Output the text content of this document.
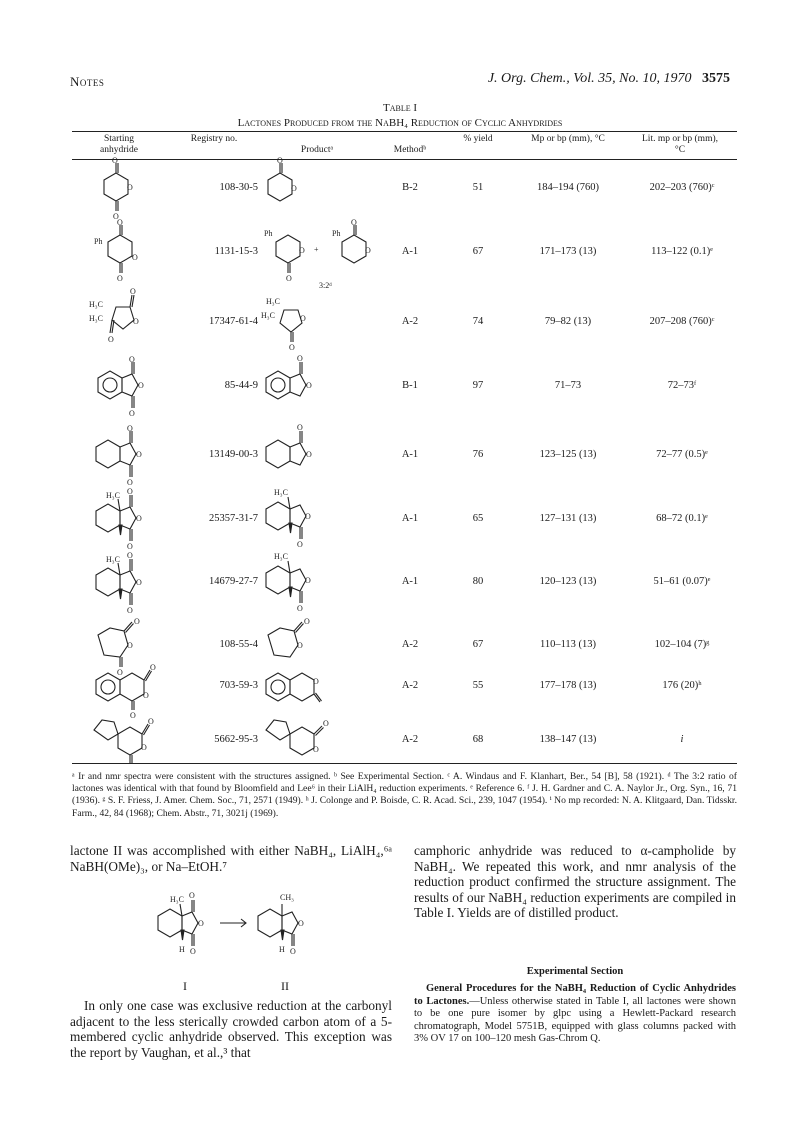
Notes	J. Org. Chem., Vol. 35, No. 10, 1970 3575
Table I
Lactones Produced from the NaBH₄ Reduction of Cyclic Anhydrides
Starting anhydride
Registry no.
Productᵃ	Methodᵇ
% yield	Mp or bp (mm), °C	Lit. mp or bp (mm), °C
108-30-5	B-2	51	184–194 (760)	202–203 (760)ᶜ
1131-15-3	A-1	67	171–173 (13)	113–122 (0.1)ᵉ
17347-61-4	A-2	74	79–82 (13)	207–208 (760)ᶜ
85-44-9	B-1	97	71–73	72–73ᶠ
13149-00-3	A-1	76	123–125 (13)	72–77 (0.5)ᵉ
25357-31-7	A-1	65	127–131 (13)	68–72 (0.1)ᵉ
14679-27-7	A-1	80	120–123 (13)	51–61 (0.07)ᵉ
108-55-4	A-2	67	110–113 (13)	102–104 (7)ᵍ
703-59-3	A-2	55	177–178 (13)	176 (20)ʰ
5662-95-3	A-2	68	138–147 (13)	i
O
O
O
O
O
Ph
O
O
O
Ph
O
O
+
Ph
O
O
3:2ᵈ
H₃C
H₃C
O
O
O
H₃C
H₃C	O
O
O
O
O
O
O
O
O
O
O
O
H₃C O
O
O
H₃C
O
O
H₃C O
O
O
H₃C
O
O
O
O
O
O
O
O
O
O
O
O
O
O
O
ᵃ Ir and nmr spectra were consistent with the structures assigned. ᵇ See Experimental Section. ᶜ A. Windaus and F. Klanhart, Ber., 54 [B], 58 (1921). ᵈ The 3:2 ratio of lactones was identical with that found by Bloomfield and Lee⁶ in their LiAlH₄ reduction experiments. ᵉ Reference 6. ᶠ J. H. Gardner and C. A. Naylor Jr., Org. Syn., 16, 71 (1936). ᵍ S. F. Friess, J. Amer. Chem. Soc., 71, 2571 (1949). ʰ J. Colonge and P. Boisde, C. R. Acad. Sci., 239, 1047 (1954). ⁱ No mp recorded: N. A. Klitgaard, Dan. Tidsskr. Farm., 42, 84 (1968); Chem. Abstr., 71, 3021j (1969).
lactone II was accomplished with either NaBH₄, LiAlH₄,⁶ᵃ NaBH(OMe)₃, or Na–EtOH.⁷
H₃C O
O
H O
CH₃
O
H O
I	II
In only one case was exclusive reduction at the carbonyl adjacent to the less sterically crowded carbon atom of a 5-membered cyclic anhydride observed. This exception was the report by Vaughan, et al.,³ that
camphoric anhydride was reduced to α-campholide by NaBH₄. We repeated this work, and nmr analysis of the reduction product confirmed the structure assignment. The results of our NaBH₄ reduction experiments are compiled in Table I. Yields are of distilled product.
Experimental Section
General Procedures for the NaBH₄ Reduction of Cyclic Anhydrides to Lactones.—Unless otherwise stated in Table I, all lactones were shown to be one pure isomer by glpc using a Hewlett-Packard research chromatograph, Model 5751B, equipped with glass columns packed with 3% OV 17 on 100–120 mesh Gas-Chrom Q.
